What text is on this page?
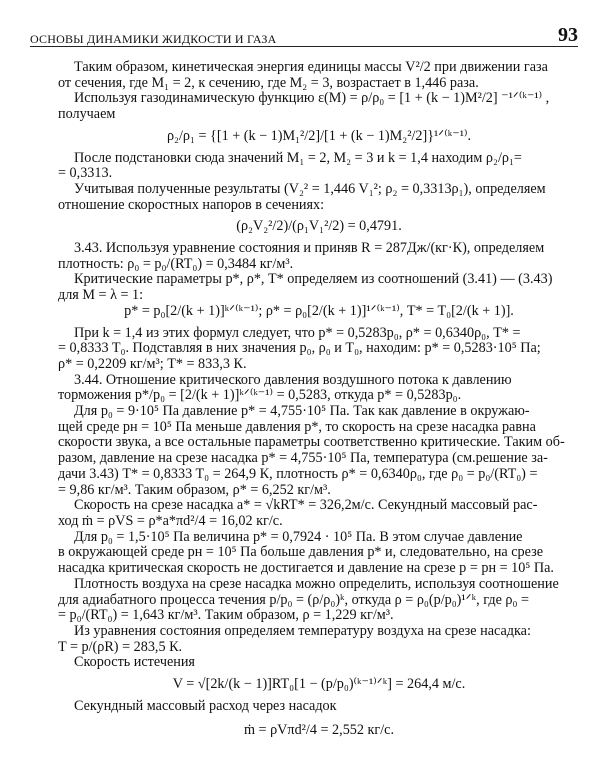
ОСНОВЫ ДИНАМИКИ ЖИДКОСТИ И ГАЗА	93

Таким образом, кинетическая энергия единицы массы V²/2 при движении газа

от сечения, где M₁ = 2, к сечению, где M₂ = 3, возрастает в 1,446 раза.

Используя газодинамическую функцию ε(M) = ρ/ρ₀ = [1 + (k − 1)M²/2] ⁻¹ᐟ⁽ᵏ⁻¹⁾ ,

получаем

ρ₂/ρ₁ = {[1 + (k − 1)M₁²/2]/[1 + (k − 1)M₂²/2]}¹ᐟ⁽ᵏ⁻¹⁾.

После подстановки сюда значений M₁ = 2, M₂ = 3 и k = 1,4 находим ρ₂/ρ₁=

= 0,3313.

Учитывая полученные результаты (V₂² = 1,446 V₁²; ρ₂ = 0,3313ρ₁), определяем

отношение скоростных напоров в сечениях:

(ρ₂V₂²/2)/(ρ₁V₁²/2) = 0,4791.

3.43. Используя уравнение состояния и приняв R = 287Дж/(кг·К), определяем

плотность: ρ₀ = p₀/(RT₀) = 0,3484 кг/м³.

Критические параметры p*, ρ*, T* определяем из соотношений (3.41) — (3.43)

для M = λ = 1:

p* = p₀[2/(k + 1)]ᵏᐟ⁽ᵏ⁻¹⁾; ρ* = ρ₀[2/(k + 1)]¹ᐟ⁽ᵏ⁻¹⁾, T* = T₀[2/(k + 1)].

При k = 1,4 из этих формул следует, что p* = 0,5283p₀, ρ* = 0,6340ρ₀, T* =

= 0,8333 T₀. Подставляя в них значения p₀, ρ₀ и T₀, находим: p* = 0,5283·10⁵ Па;

ρ* = 0,2209 кг/м³; T* = 833,3 К.

3.44. Отношение критического давления воздушного потока к давлению

торможения p*/p₀ = [2/(k + 1)]ᵏᐟ⁽ᵏ⁻¹⁾ = 0,5283, откуда p* = 0,5283p₀.

Для p₀ = 9·10⁵ Па давление p* = 4,755·10⁵ Па. Так как давление в окружаю-

щей среде pн = 10⁵ Па меньше давления p*, то скорость на срезе насадка равна

скорости звука, а все остальные параметры соответственно критические. Таким об-

разом, давление на срезе насадка p* = 4,755·10⁵ Па, температура (см.решение за-

дачи 3.43) T* = 0,8333 T₀ = 264,9 К, плотность ρ* = 0,6340ρ₀, где ρ₀ = p₀/(RT₀) =

= 9,86 кг/м³. Таким образом, ρ* = 6,252 кг/м³.

Скорость на срезе насадка a* = √kRT* = 326,2м/с. Секундный массовый рас-

ход ṁ = ρVS = ρ*a*πd²/4 = 16,02 кг/с.

Для p₀ = 1,5·10⁵ Па величина p* = 0,7924 · 10⁵ Па. В этом случае давление

в окружающей среде pн = 10⁵ Па больше давления p* и, следовательно, на срезе

насадка критическая скорость не достигается и давление на срезе p = pн = 10⁵ Па.

Плотность воздуха на срезе насадка можно определить, используя соотношение

для адиабатного процесса течения p/p₀ = (ρ/ρ₀)ᵏ, откуда ρ = ρ₀(p/p₀)¹ᐟᵏ, где ρ₀ =

= p₀/(RT₀) = 1,643 кг/м³. Таким образом, ρ = 1,229 кг/м³.

Из уравнения состояния определяем температуру воздуха на срезе насадка:

T = p/(ρR) = 283,5 К.

Скорость истечения

V = √[2k/(k − 1)]RT₀[1 − (p/p₀)⁽ᵏ⁻¹⁾ᐟᵏ] = 264,4 м/с.

Секундный массовый расход через насадок

ṁ = ρVπd²/4 = 2,552 кг/с.
